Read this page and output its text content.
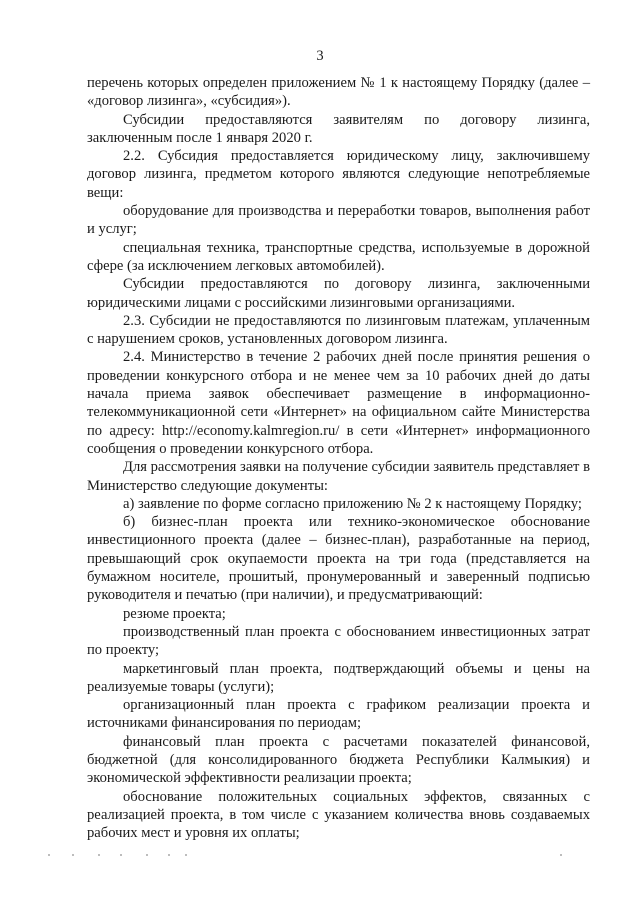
3

перечень которых определен приложением № 1 к настоящему Порядку (далее – «договор лизинга», «субсидия»).

Субсидии предоставляются заявителям по договору лизинга, заключенным после 1 января 2020 г.

2.2. Субсидия предоставляется юридическому лицу, заключившему договор лизинга, предметом которого являются следующие непотребляемые вещи:

оборудование для производства и переработки товаров, выполнения работ и услуг;

специальная техника, транспортные средства, используемые в дорожной сфере (за исключением легковых автомобилей).

Субсидии предоставляются по договору лизинга, заключенными юридическими лицами с российскими лизинговыми организациями.

2.3. Субсидии не предоставляются по лизинговым платежам, уплаченным с нарушением сроков, установленных договором лизинга.

2.4. Министерство в течение 2 рабочих дней после принятия решения о проведении конкурсного отбора и не менее чем за 10 рабочих дней до даты начала приема заявок обеспечивает размещение в информационно-телекоммуникационной сети «Интернет» на официальном сайте Министерства по адресу: http://economy.kalmregion.ru/ в сети «Интернет» информационного сообщения о проведении конкурсного отбора.

Для рассмотрения заявки на получение субсидии заявитель представляет в Министерство следующие документы:

а) заявление по форме согласно приложению № 2 к настоящему Порядку;

б) бизнес-план проекта или технико-экономическое обоснование инвестиционного проекта (далее – бизнес-план), разработанные на период, превышающий срок окупаемости проекта на три года (представляется на бумажном носителе, прошитый, пронумерованный и заверенный подписью руководителя и печатью (при наличии), и предусматривающий:

резюме проекта;

производственный план проекта с обоснованием инвестиционных затрат по проекту;

маркетинговый план проекта, подтверждающий объемы и цены на реализуемые товары (услуги);

организационный план проекта с графиком реализации проекта и источниками финансирования по периодам;

финансовый план проекта с расчетами показателей финансовой, бюджетной (для консолидированного бюджета Республики Калмыкия) и экономической эффективности реализации проекта;

обоснование положительных социальных эффектов, связанных с реализацией проекта, в том числе с указанием количества вновь создаваемых рабочих мест и уровня их оплаты;
